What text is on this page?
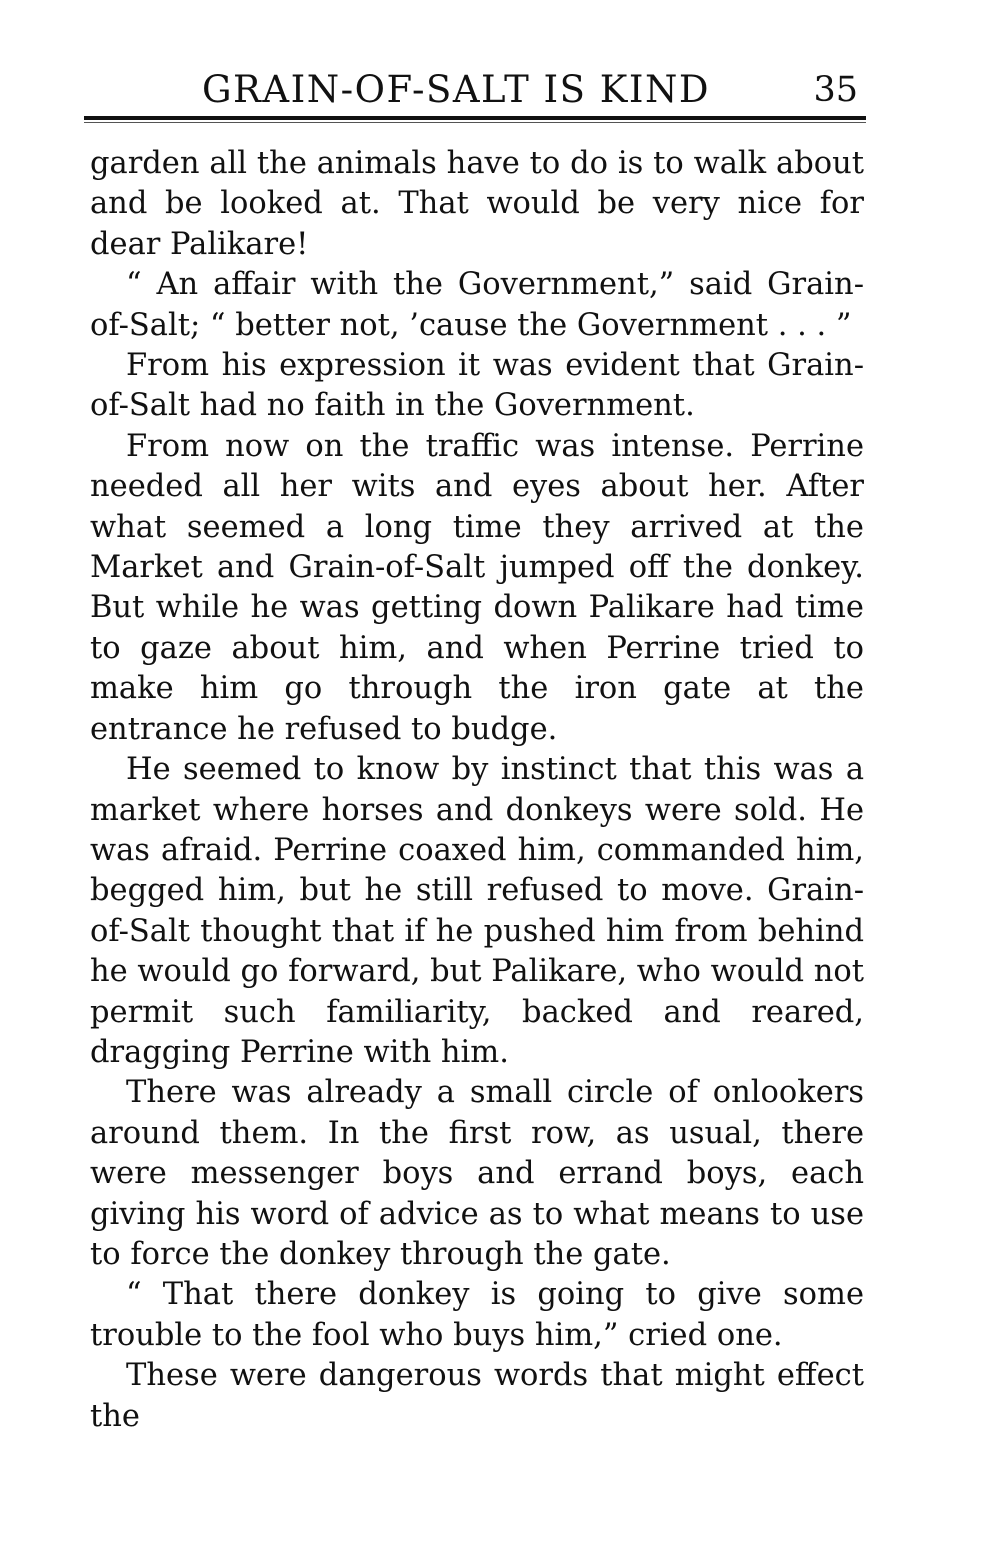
GRAIN-OF-SALT IS KIND	35

garden all the animals have to do is to walk about and be looked at. That would be very nice for dear Palikare!

“ An affair with the Government,” said Grain-of-Salt; “ better not, ’cause the Government . . . ”

From his expression it was evident that Grain-of-Salt had no faith in the Government.

From now on the traffic was intense. Perrine needed all her wits and eyes about her. After what seemed a long time they arrived at the Market and Grain-of-Salt jumped off the donkey. But while he was getting down Palikare had time to gaze about him, and when Perrine tried to make him go through the iron gate at the entrance he refused to budge.

He seemed to know by instinct that this was a market where horses and donkeys were sold. He was afraid. Perrine coaxed him, commanded him, begged him, but he still refused to move. Grain-of-Salt thought that if he pushed him from behind he would go forward, but Palikare, who would not permit such familiarity, backed and reared, dragging Perrine with him.

There was already a small circle of onlookers around them. In the first row, as usual, there were messenger boys and errand boys, each giving his word of advice as to what means to use to force the donkey through the gate.

“ That there donkey is going to give some trouble to the fool who buys him,” cried one.

These were dangerous words that might effect the
